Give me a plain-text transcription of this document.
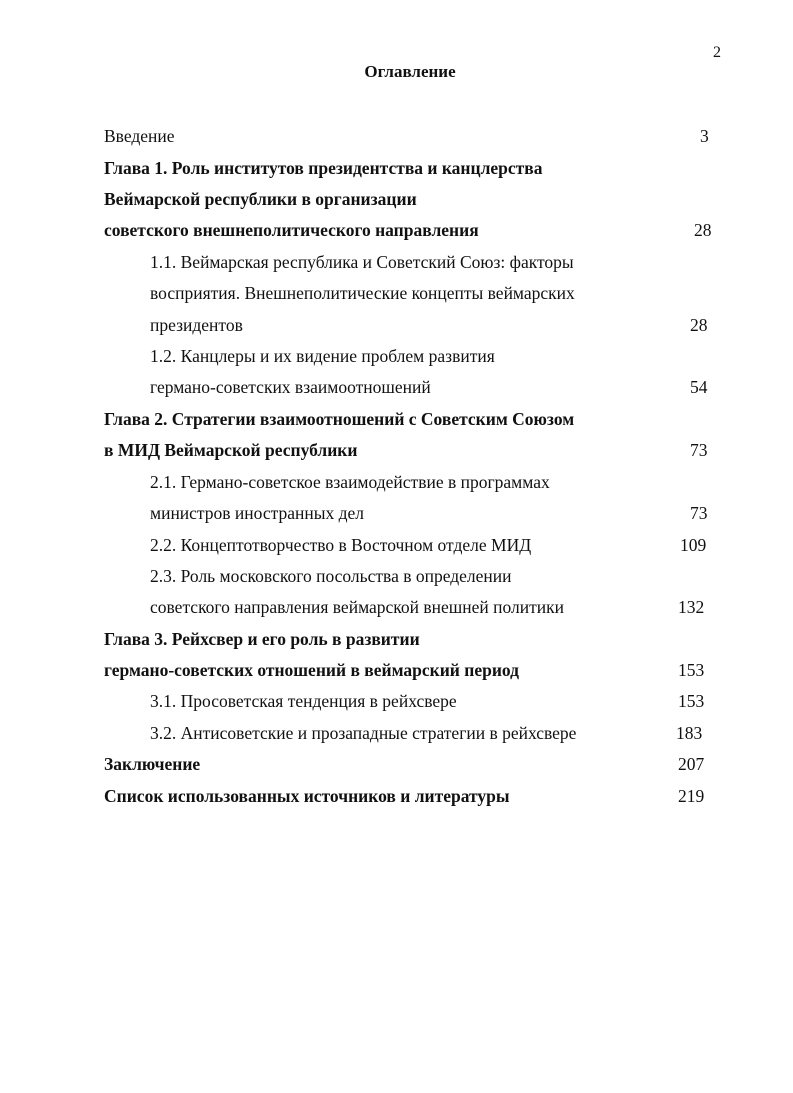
2
Оглавление
Введение	3
Глава 1. Роль институтов президентства и канцлерства
Веймарской республики в организации
советского внешнеполитического направления	28
1.1. Веймарская республика и Советский Союз: факторы
восприятия. Внешнеполитические концепты веймарских
президентов	28
1.2. Канцлеры и их видение проблем развития
германо-советских взаимоотношений	54
Глава 2. Стратегии взаимоотношений с Советским Союзом
в МИД Веймарской республики	73
2.1. Германо-советское взаимодействие в программах
министров иностранных дел	73
2.2. Концептотворчество в Восточном отделе МИД	109
2.3. Роль московского посольства в определении
советского направления веймарской внешней политики	132
Глава 3. Рейхсвер и его роль в развитии
германо-советских отношений в веймарский период	153
3.1. Просоветская тенденция в рейхсвере	153
3.2. Антисоветские и прозападные стратегии в рейхсвере	183
Заключение	207
Список использованных источников и литературы	219
